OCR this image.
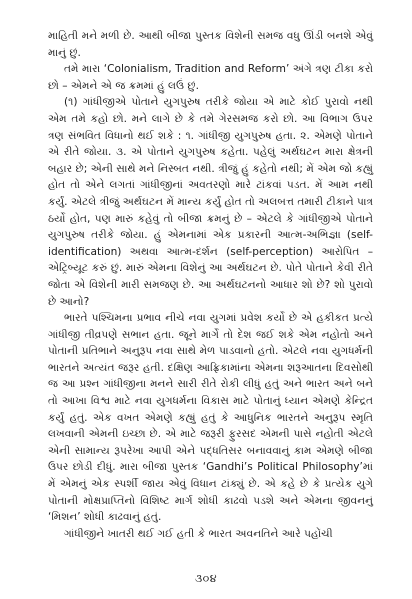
માહિતી મને મળી છે. આથી બીજા પુસ્તક વિશેની સમજ વધુ ઊંડી બનશે એવું માનું છું.

તમે મારા ‘Colonialism, Tradition and Reform’ અંગે ત્રણ ટીકા કરો છો – એમને એ જ ક્રમમાં હું લઉં છું.

(૧) ગાંધીજીએ પોતાને યુગપુરુષ તરીકે જોયા એ માટે કોઈ પુરાવો નથી એમ તમે કહો છો. મને લાગે છે કે તમે ગેરસમજ કરો છો. આ વિભાગ ઉપર ત્રણ સંભવિત વિધાનો થઈ શકે : ૧. ગાંધીજી યુગપુરુષ હતા. ૨. એમણે પોતાને એ રીતે જોયા. ૩. એ પોતાને યુગપુરુષ કહેતા. પહેલું અર્થઘટન મારા ક્ષેત્રની બહાર છે; એની સાથે મને નિસ્બત નથી. ત્રીજું હું કહેતો નથી; મેં એમ જો કહ્યું હોત તો એને લગતાં ગાંધીજીનાં અવતરણો મારે ટાંકવાં પડત. મેં આમ નથી કર્યું. એટલે ત્રીજું અર્થઘટન મેં માન્ય કર્યું હોત તો અલબત્ત તમારી ટીકાને પાત્ર ઠર્યો હોત, પણ મારું કહેવું તો બીજા ક્રમનું છે – એટલે કે ગાંધીજીએ પોતાને યુગપુરુષ તરીકે જોયા. હું એમનામાં એક પ્રકારની આત્મ-અભિજ્ઞા (self-identification) અથવા આત્મ-દર્શન (self-perception) આરોપિત – એટ્રિબ્યૂટ કરું છું. મારું એમના વિશેનું આ અર્થઘટન છે. પોતે પોતાને કેવી રીતે જોતા એ વિશેની મારી સમજણ છે. આ અર્થઘટનનો આધાર શો છે? શો પુરાવો છે આનો?

ભારતે પશ્ચિમના પ્રભાવ નીચે નવા યુગમાં પ્રવેશ કર્યો છે એ હકીકત પ્રત્યે ગાંધીજી તીવ્રપણે સભાન હતા. જૂને માર્ગે તો દેશ જઈ શકે એમ નહોતો અને પોતાની પ્રતિભાને અનુરૂપ નવા સાથે મેળ પાડવાનો હતો. એટલે નવા યુગધર્મની ભારતને અત્યંત જરૂર હતી. દક્ષિણ આફ્રિકામાંના એમના શરૂઆતના દિવસોથી જ આ પ્રશ્ન ગાંધીજીના મનને સારી રીતે રોકી લીધું હતું અને ભારત અને બને તો આખા વિશ્વ માટે નવા યુગધર્મના વિકાસ માટે પોતાનું ધ્યાન એમણે કેન્દ્રિત કર્યું હતું. એક વખત એમણે કહ્યું હતું કે આધુનિક ભારતને અનુરૂપ સ્મૃતિ લખવાની એમની ઇચ્છા છે. એ માટે જરૂરી ફુરસદ એમની પાસે નહોતી એટલે એની સામાન્ય રૂપરેખા આપી એને પદ્ધતિસર બનાવવાનું કામ એમણે બીજા ઉપર છોડી દીધું. મારા બીજા પુસ્તક ‘Gandhi’s Political Philosophy’માં મેં એમનું એક સ્પર્શી જાય એવું વિધાન ટાંક્યું છે. એ કહે છે કે પ્રત્યેક યુગે પોતાની મોક્ષપ્રાપ્તિનો વિશિષ્ટ માર્ગ શોધી કાઢવો પડશે અને એમના જીવનનું ‘મિશન’ શોધી કાઢવાનું હતું.

ગાંધીજીને ખાતરી થઈ ગઈ હતી કે ભારત અવનતિને આરે પહોંચી

૩૦૪
